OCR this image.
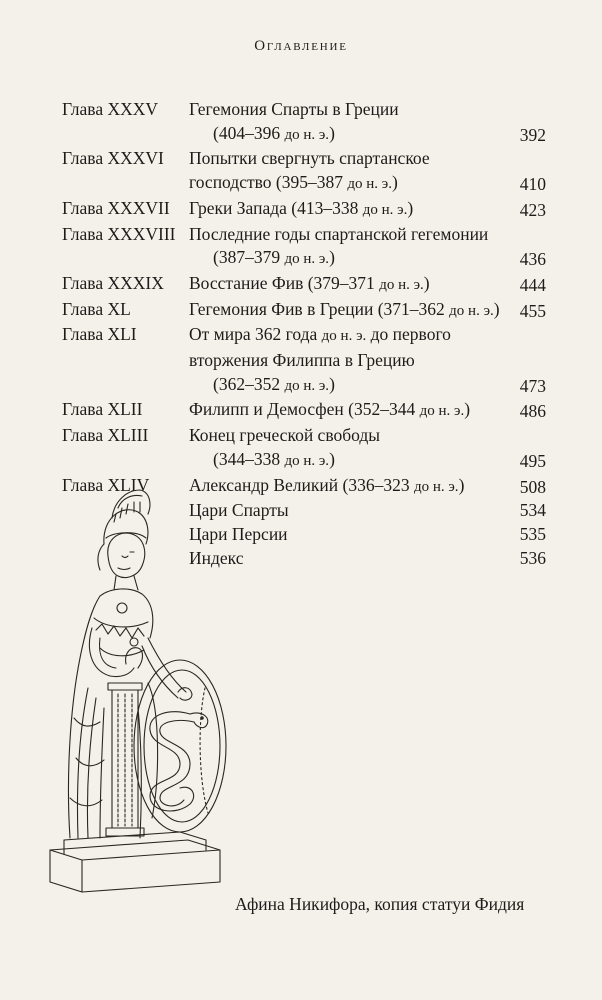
Оглавление
Глава XXXV Гегемония Спарты в Греции
(404–396 до н. э.)	392
Глава XXXVI Попытки свергнуть спартанское
господство (395–387 до н. э.)	410
Глава XXXVII Греки Запада (413–338 до н. э.)	423
Глава XXXVIII Последние годы спартанской гегемонии
(387–379 до н. э.)	436
Глава XXXIX Восстание Фив (379–371 до н. э.)	444
Глава XL	Гегемония Фив в Греции (371–362 до н. э.)	455
Глава XLI	От мира 362 года до н. э. до первого
вторжения Филиппа в Грецию
(362–352 до н. э.)	473
Глава XLII	Филипп и Демосфен (352–344 до н. э.)	486
Глава XLIII Конец греческой свободы
(344–338 до н. э.)	495
Глава XLIV Александр Великий (336–323 до н. э.)	508
Цари Спарты	534
Цари Персии	535
Индекс	536
Афина Никифора, копия статуи Фидия
